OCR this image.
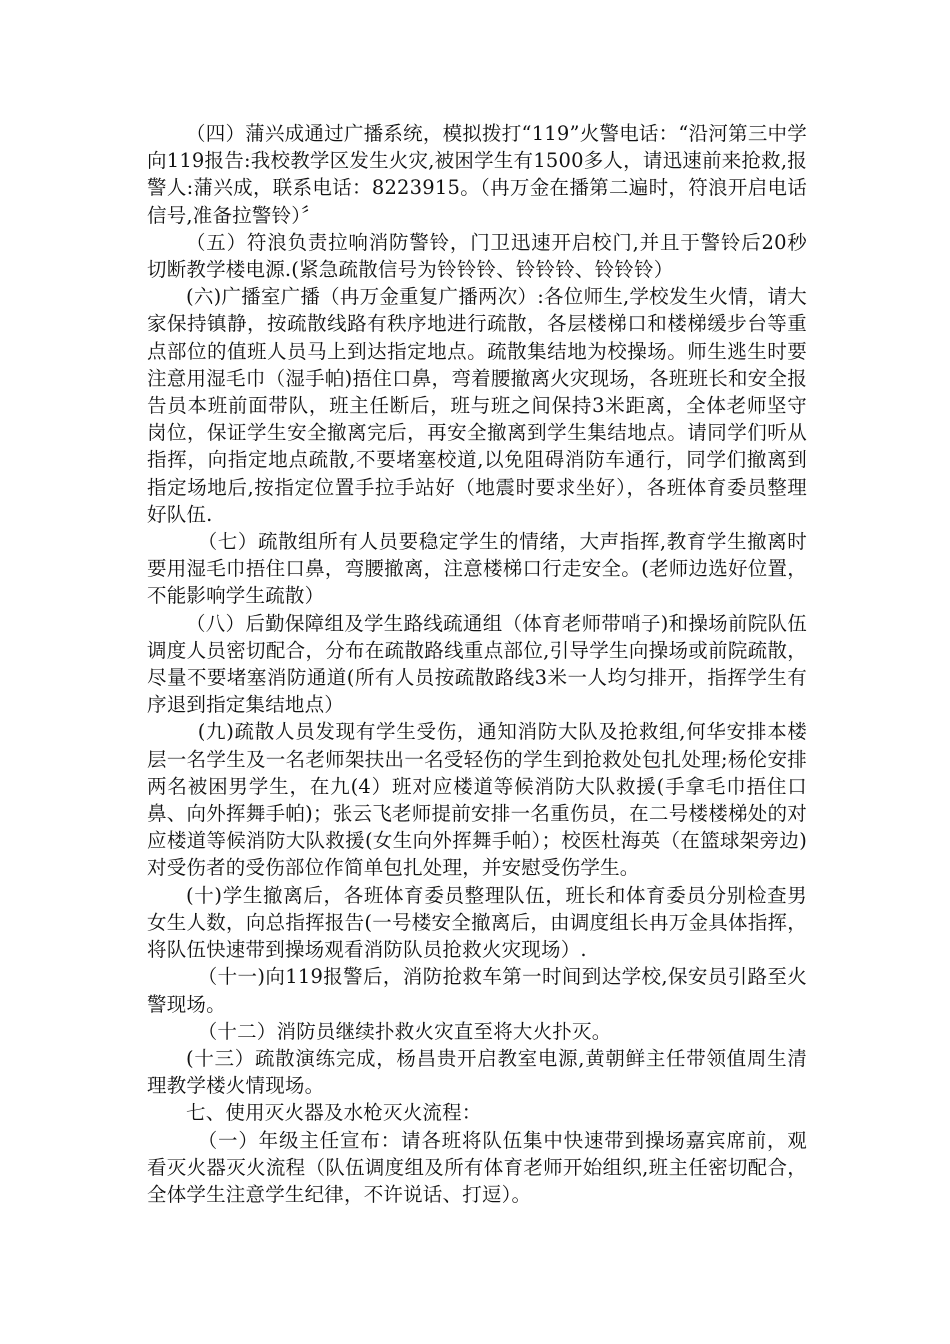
（四）蒲兴成通过广播系统，模拟拨打“119”火警电话：“沿河第三中学向119报告:我校教学区发生火灾,被困学生有1500多人，请迅速前来抢救,报警人:蒲兴成，联系电话：8223915。（冉万金在播第二遍时，符浪开启电话信号,准备拉警铃）〞

（五）符浪负责拉响消防警铃，门卫迅速开启校门,并且于警铃后20秒切断教学楼电源.(紧急疏散信号为铃铃铃、铃铃铃、铃铃铃）

(六)广播室广播（冉万金重复广播两次）:各位师生,学校发生火情，请大家保持镇静，按疏散线路有秩序地进行疏散，各层楼梯口和楼梯缓步台等重点部位的值班人员马上到达指定地点。疏散集结地为校操场。师生逃生时要注意用湿毛巾（湿手帕)捂住口鼻，弯着腰撤离火灾现场，各班班长和安全报告员本班前面带队，班主任断后，班与班之间保持3米距离，全体老师坚守岗位，保证学生安全撤离完后，再安全撤离到学生集结地点。请同学们听从指挥，向指定地点疏散,不要堵塞校道,以免阻碍消防车通行，同学们撤离到指定场地后,按指定位置手拉手站好（地震时要求坐好），各班体育委员整理好队伍.

（七）疏散组所有人员要稳定学生的情绪，大声指挥,教育学生撤离时要用湿毛巾捂住口鼻，弯腰撤离，注意楼梯口行走安全。(老师边选好位置，不能影响学生疏散）

（八）后勤保障组及学生路线疏通组（体育老师带哨子)和操场前院队伍调度人员密切配合，分布在疏散路线重点部位,引导学生向操场或前院疏散，尽量不要堵塞消防通道(所有人员按疏散路线3米一人均匀排开，指挥学生有序退到指定集结地点）

(九)疏散人员发现有学生受伤，通知消防大队及抢救组,何华安排本楼层一名学生及一名老师架扶出一名受轻伤的学生到抢救处包扎处理;杨伦安排两名被困男学生，在九(4）班对应楼道等候消防大队救援(手拿毛巾捂住口鼻、向外挥舞手帕)；张云飞老师提前安排一名重伤员，在二号楼楼梯处的对应楼道等候消防大队救援(女生向外挥舞手帕）；校医杜海英（在篮球架旁边)对受伤者的受伤部位作简单包扎处理，并安慰受伤学生。

(十)学生撤离后，各班体育委员整理队伍，班长和体育委员分别检查男女生人数，向总指挥报告(一号楼安全撤离后，由调度组长冉万金具体指挥，将队伍快速带到操场观看消防队员抢救火灾现场）.

（十一)向119报警后，消防抢救车第一时间到达学校,保安员引路至火警现场。

（十二）消防员继续扑救火灾直至将大火扑灭。

(十三）疏散演练完成，杨昌贵开启教室电源,黄朝鲜主任带领值周生清理教学楼火情现场。

七、使用灭火器及水枪灭火流程：

（一）年级主任宣布：请各班将队伍集中快速带到操场嘉宾席前，观看灭火器灭火流程（队伍调度组及所有体育老师开始组织,班主任密切配合，全体学生注意学生纪律，不许说话、打逗）。
